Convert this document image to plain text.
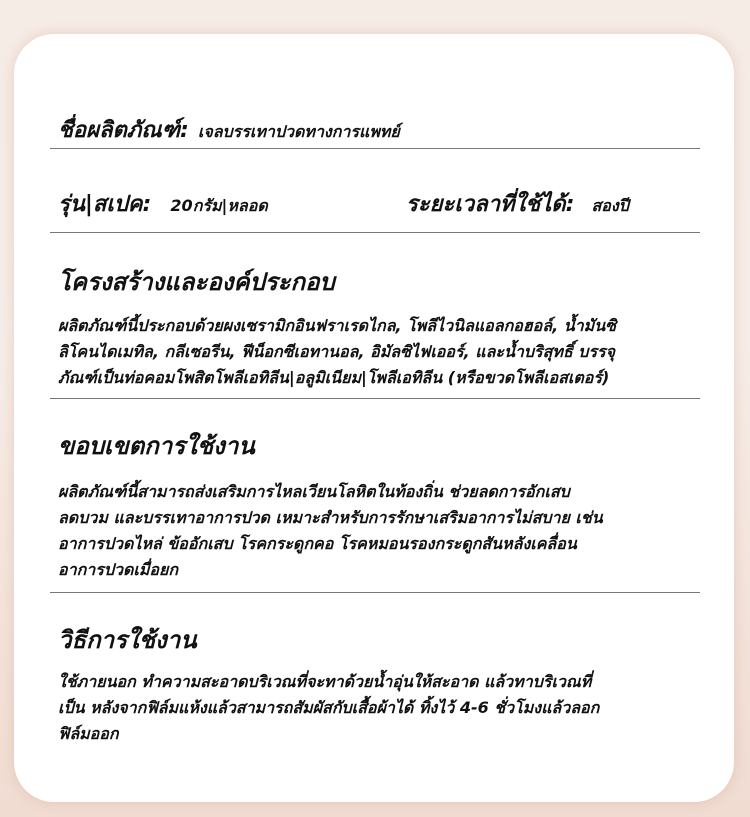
ชื่อผลิตภัณฑ์: เจลบรรเทาปวดทางการแพทย์
รุ่น|สเปค: 20กรัม|หลอด	ระยะเวลาที่ใช้ได้: สองปี
โครงสร้างและองค์ประกอบ
ผลิตภัณฑ์นี้ประกอบด้วยผงเซรามิกอินฟราเรดไกล, โพลีไวนิลแอลกอฮอล์, น้ำมันซิ
ลิโคนไดเมทิล, กลีเซอรีน, ฟีน็อกซีเอทานอล, อิมัลซิไฟเออร์, และน้ำบริสุทธิ์ บรรจุ
ภัณฑ์เป็นท่อคอมโพสิตโพลีเอทิลีน|อลูมิเนียม|โพลีเอทิลีน (หรือขวดโพลีเอสเตอร์)
ขอบเขตการใช้งาน
ผลิตภัณฑ์นี้สามารถส่งเสริมการไหลเวียนโลหิตในท้องถิ่น ช่วยลดการอักเสบ
ลดบวม และบรรเทาอาการปวด เหมาะสำหรับการรักษาเสริมอาการไม่สบาย เช่น
อาการปวดไหล่ ข้ออักเสบ โรคกระดูกคอ โรคหมอนรองกระดูกสันหลังเคลื่อน
อาการปวดเมื่อยก
วิธีการใช้งาน
ใช้ภายนอก ทำความสะอาดบริเวณที่จะทาด้วยน้ำอุ่นให้สะอาด แล้วทาบริเวณที่
เป็น หลังจากฟิล์มแห้งแล้วสามารถสัมผัสกับเสื้อผ้าได้ ทิ้งไว้ 4-6 ชั่วโมงแล้วลอก
ฟิล์มออก
